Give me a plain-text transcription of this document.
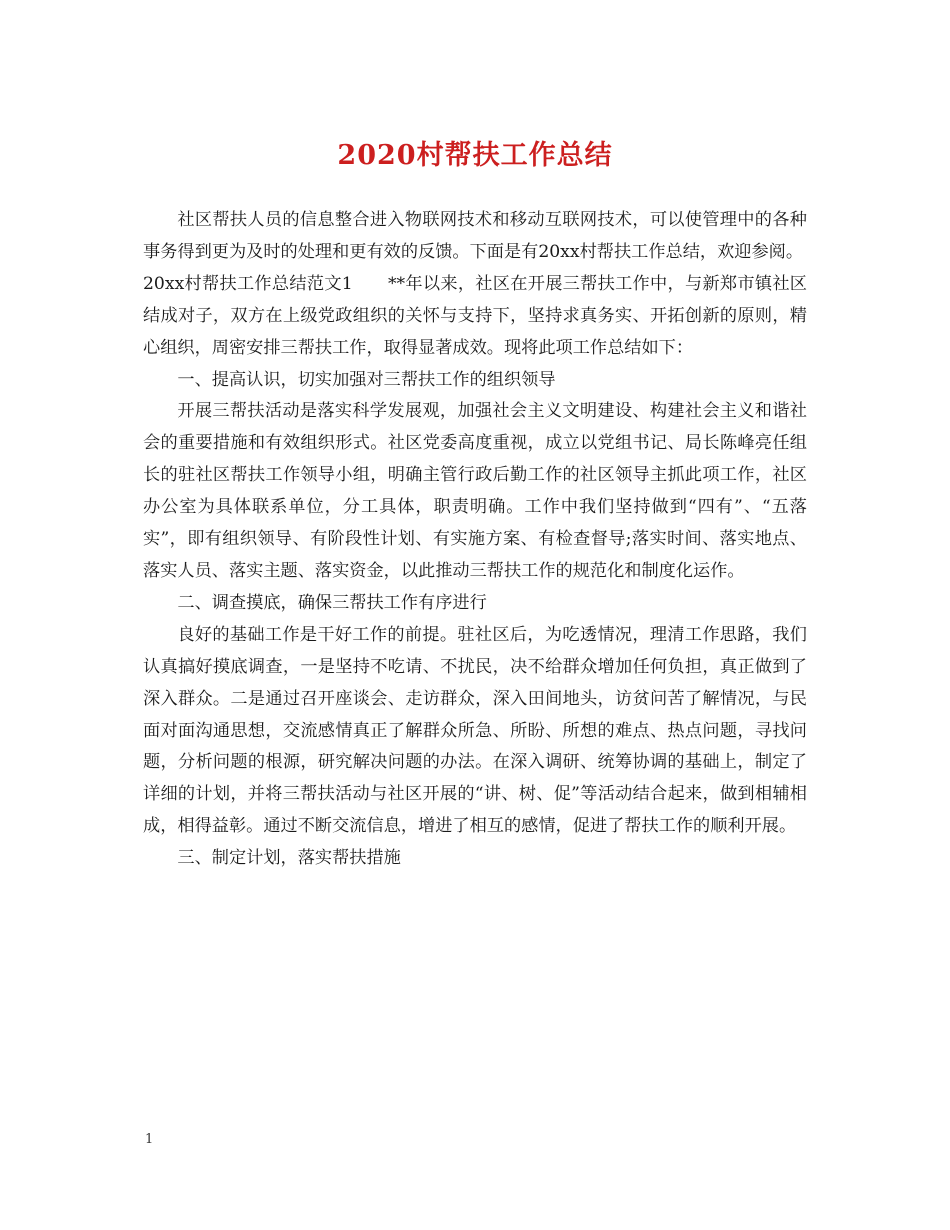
2020村帮扶工作总结

社区帮扶人员的信息整合进入物联网技术和移动互联网技术，可以使管理中的各种事务得到更为及时的处理和更有效的反馈。下面是有20xx村帮扶工作总结，欢迎参阅。

20xx村帮扶工作总结范文1　　**年以来，社区在开展三帮扶工作中，与新郑市镇社区结成对子，双方在上级党政组织的关怀与支持下，坚持求真务实、开拓创新的原则，精心组织，周密安排三帮扶工作，取得显著成效。现将此项工作总结如下：

一、提高认识，切实加强对三帮扶工作的组织领导

开展三帮扶活动是落实科学发展观，加强社会主义文明建设、构建社会主义和谐社会的重要措施和有效组织形式。社区党委高度重视，成立以党组书记、局长陈峰亮任组长的驻社区帮扶工作领导小组，明确主管行政后勤工作的社区领导主抓此项工作，社区办公室为具体联系单位，分工具体，职责明确。工作中我们坚持做到“四有”、“五落实”，即有组织领导、有阶段性计划、有实施方案、有检查督导;落实时间、落实地点、落实人员、落实主题、落实资金，以此推动三帮扶工作的规范化和制度化运作。

二、调查摸底，确保三帮扶工作有序进行

良好的基础工作是干好工作的前提。驻社区后，为吃透情况，理清工作思路，我们认真搞好摸底调查，一是坚持不吃请、不扰民，决不给群众增加任何负担，真正做到了深入群众。二是通过召开座谈会、走访群众，深入田间地头，访贫问苦了解情况，与民面对面沟通思想，交流感情真正了解群众所急、所盼、所想的难点、热点问题，寻找问题，分析问题的根源，研究解决问题的办法。在深入调研、统筹协调的基础上，制定了详细的计划，并将三帮扶活动与社区开展的“讲、树、促”等活动结合起来，做到相辅相成，相得益彰。通过不断交流信息，增进了相互的感情，促进了帮扶工作的顺利开展。

三、制定计划，落实帮扶措施

1
